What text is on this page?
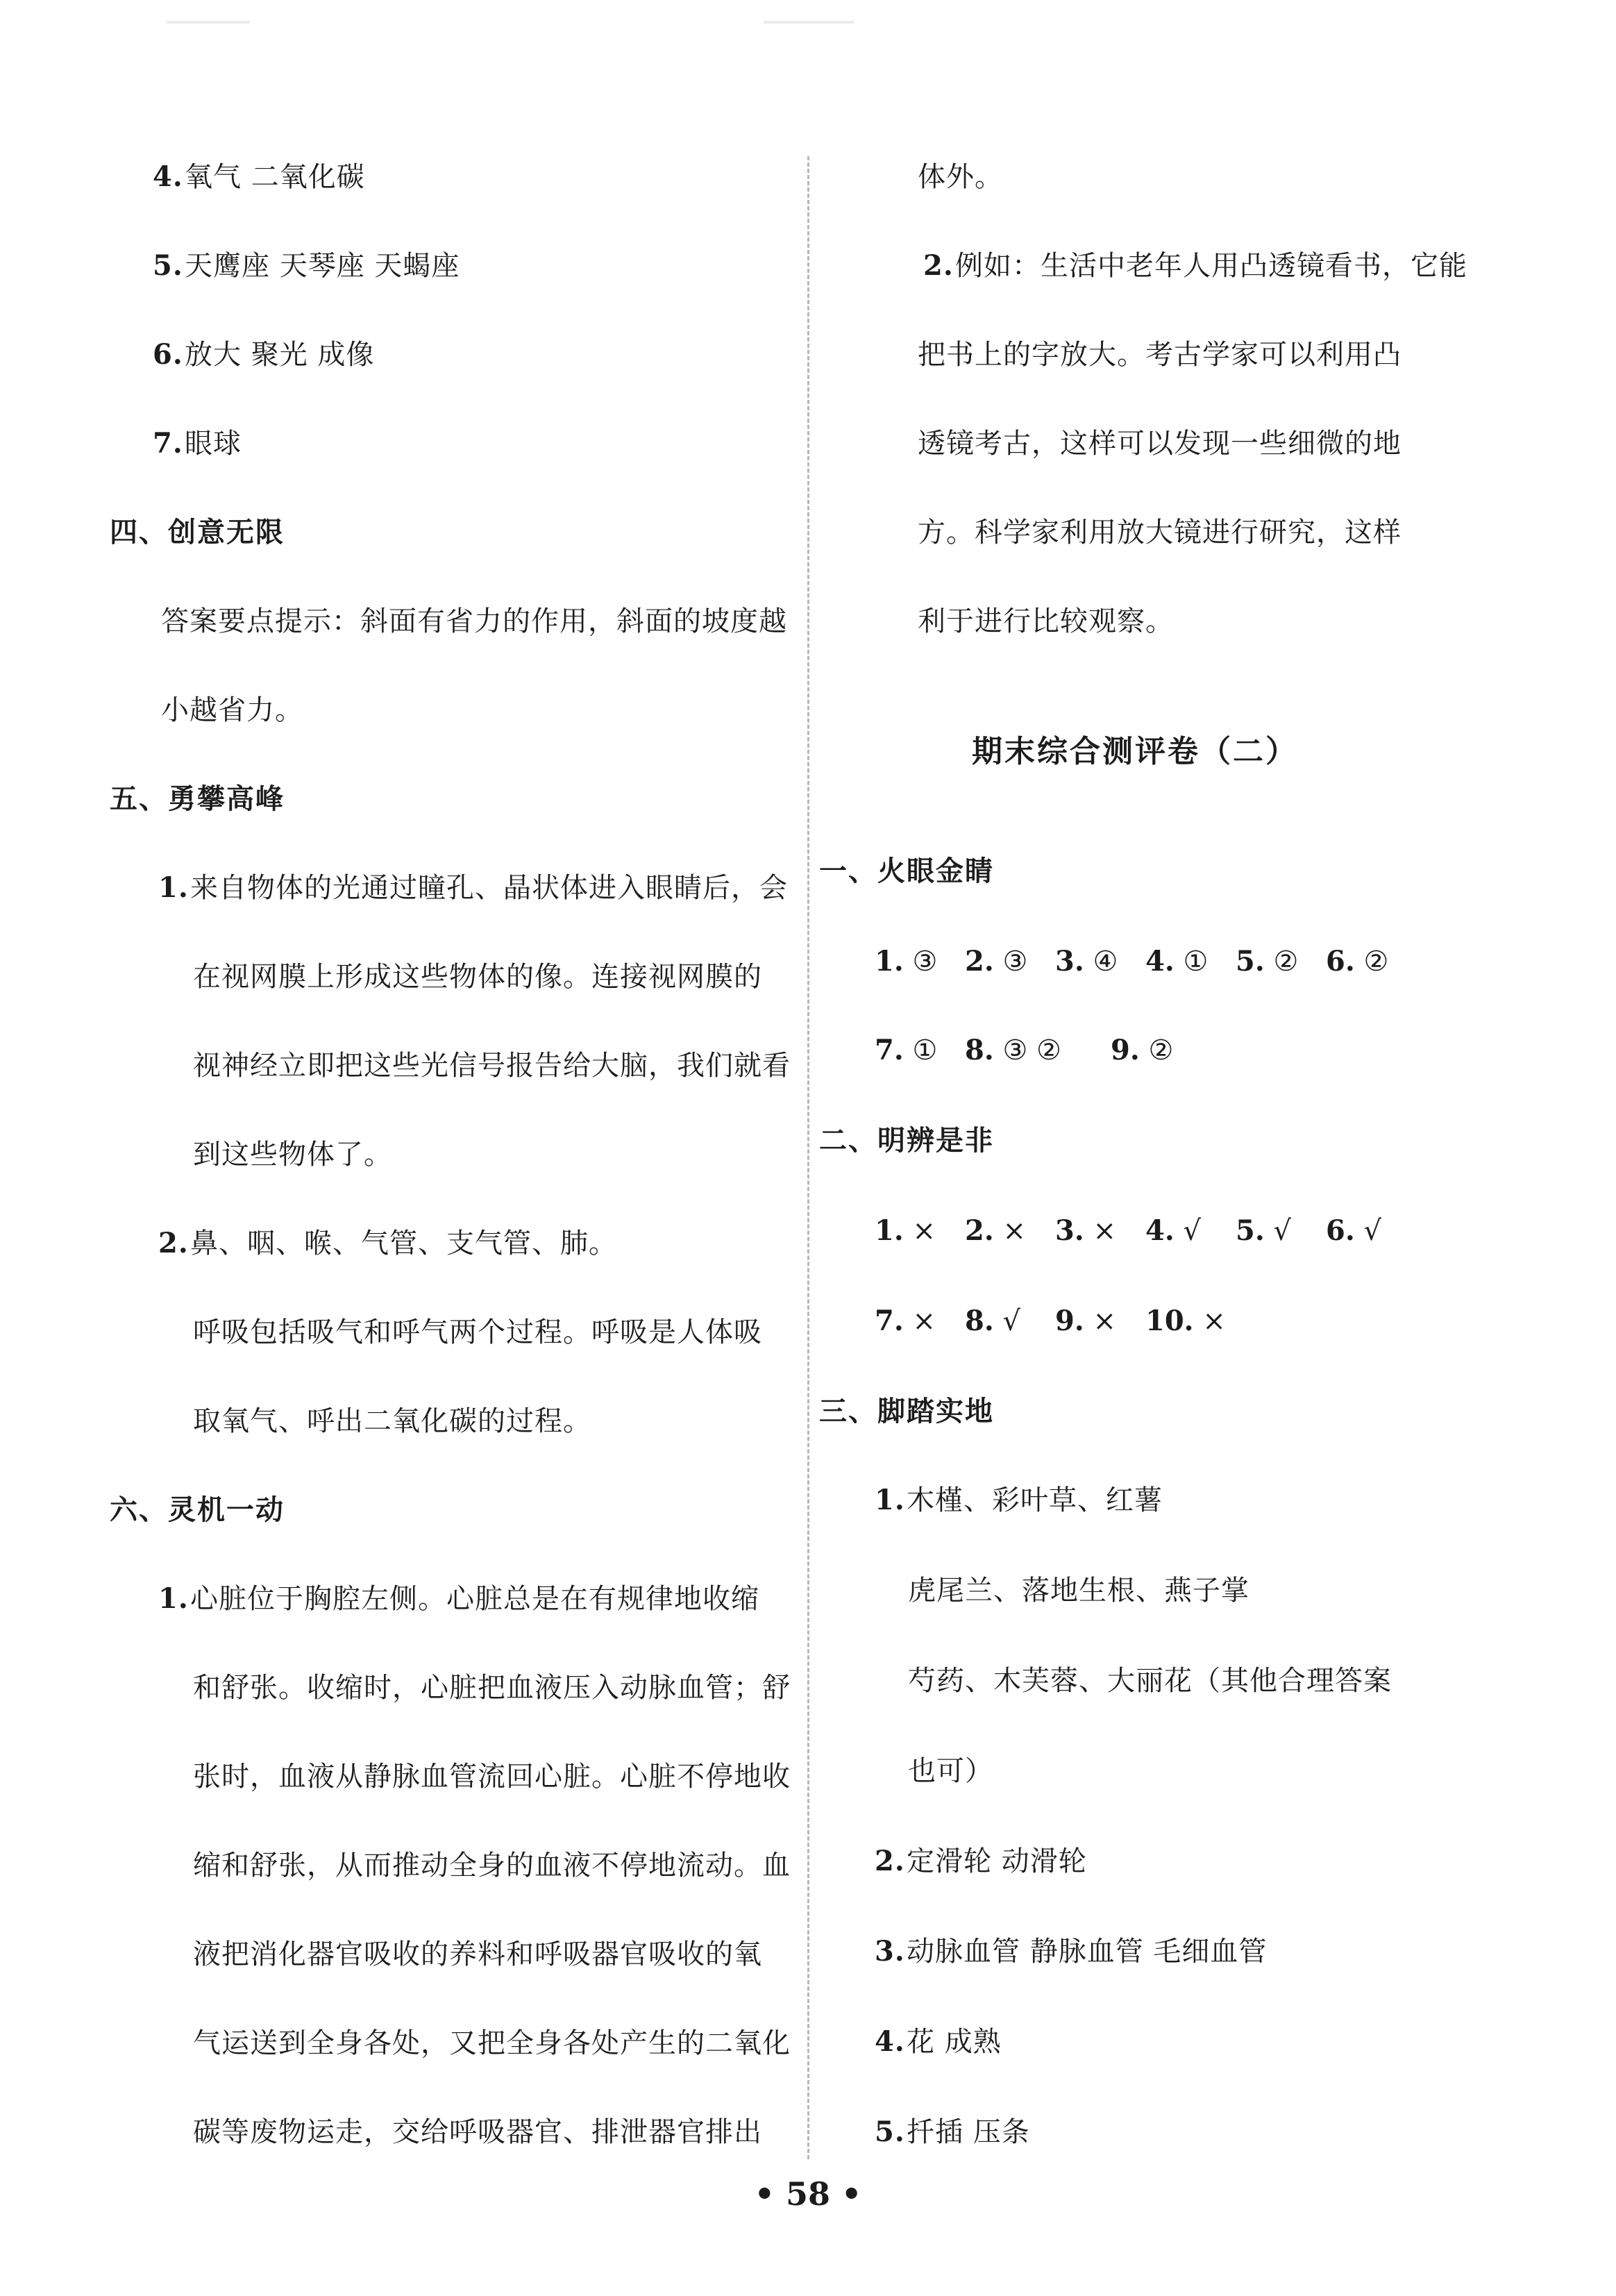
4.氧气 二氧化碳
5.天鹰座 天琴座 天蝎座
6.放大 聚光 成像
7.眼球
四、创意无限
答案要点提示：斜面有省力的作用，斜面的坡度越
小越省力。
五、勇攀高峰
1.来自物体的光通过瞳孔、晶状体进入眼睛后，会
在视网膜上形成这些物体的像。连接视网膜的
视神经立即把这些光信号报告给大脑，我们就看
到这些物体了。
2.鼻、咽、喉、气管、支气管、肺。
呼吸包括吸气和呼气两个过程。呼吸是人体吸
取氧气、呼出二氧化碳的过程。
六、灵机一动
1.心脏位于胸腔左侧。心脏总是在有规律地收缩
和舒张。收缩时，心脏把血液压入动脉血管；舒
张时，血液从静脉血管流回心脏。心脏不停地收
缩和舒张，从而推动全身的血液不停地流动。血
液把消化器官吸收的养料和呼吸器官吸收的氧
气运送到全身各处，又把全身各处产生的二氧化
碳等废物运走，交给呼吸器官、排泄器官排出
体外。
2.例如：生活中老年人用凸透镜看书，它能
把书上的字放大。考古学家可以利用凸
透镜考古，这样可以发现一些细微的地
方。科学家利用放大镜进行研究，这样
利于进行比较观察。
期末综合测评卷（二）
一、火眼金睛
1. ③ 2. ③ 3. ④ 4. ① 5. ② 6. ②
7. ① 8. ③ ② 9. ②
二、明辨是非
1. × 2. × 3. × 4. √ 5. √ 6. √
7. × 8. √ 9. × 10. ×
三、脚踏实地
1.木槿、彩叶草、红薯
虎尾兰、落地生根、燕子掌
芍药、木芙蓉、大丽花（其他合理答案
也可）
2.定滑轮 动滑轮
3.动脉血管 静脉血管 毛细血管
4.花 成熟
5.扦插 压条
• 58 •
